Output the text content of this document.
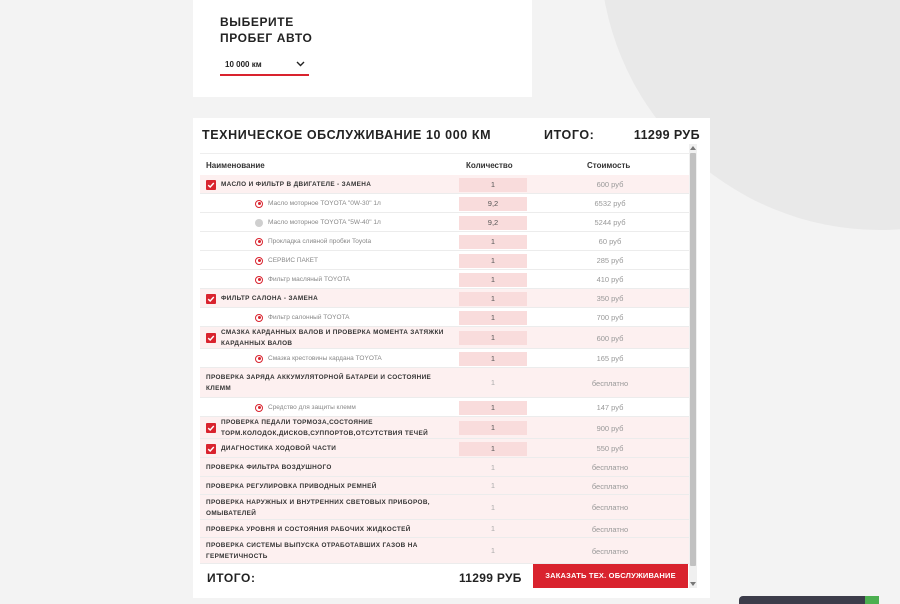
ВЫБЕРИТЕ ПРОБЕГ АВТО
10 000 км
ТЕХНИЧЕСКОЕ ОБСЛУЖИВАНИЕ 10 000 КМ	ИТОГО:	11299 РУБ
Наименование	Количество	Стоимость
МАСЛО И ФИЛЬТР В ДВИГАТЕЛЕ - ЗАМЕНА	1	600 руб
Масло моторное TOYOTA "0W-30" 1л	9,2	6532 руб
Масло моторное TOYOTA "5W-40" 1л	9,2	5244 руб
Прокладка сливной пробки Toyota	1	60 руб
СЕРВИС ПАКЕТ	1	285 руб
Фильтр масляный TOYOTA	1	410 руб
ФИЛЬТР САЛОНА - ЗАМЕНА	1	350 руб
Фильтр салонный TOYOTA	1	700 руб
СМАЗКА КАРДАННЫХ ВАЛОВ И ПРОВЕРКА МОМЕНТА ЗАТЯЖКИ КАРДАННЫХ ВАЛОВ
1	600 руб
Смазка крестовины кардана TOYOTA	1	165 руб
ПРОВЕРКА ЗАРЯДА АККУМУЛЯТОРНОЙ БАТАРЕИ И СОСТОЯНИЕ КЛЕММ
1	бесплатно
Средство для защиты клемм	1	147 руб
ПРОВЕРКА ПЕДАЛИ ТОРМОЗА,СОСТОЯНИЕ ТОРМ.КОЛОДОК,ДИСКОВ,СУППОРТОВ,ОТСУТСТВИЯ ТЕЧЕЙ
1	900 руб
ДИАГНОСТИКА ХОДОВОЙ ЧАСТИ	1	550 руб
ПРОВЕРКА ФИЛЬТРА ВОЗДУШНОГО	1	бесплатно
ПРОВЕРКА РЕГУЛИРОВКА ПРИВОДНЫХ РЕМНЕЙ	1	бесплатно
ПРОВЕРКА НАРУЖНЫХ И ВНУТРЕННИХ СВЕТОВЫХ ПРИБОРОВ, ОМЫВАТЕЛЕЙ
1	бесплатно
ПРОВЕРКА УРОВНЯ И СОСТОЯНИЯ РАБОЧИХ ЖИДКОСТЕЙ	1	бесплатно
ПРОВЕРКА СИСТЕМЫ ВЫПУСКА ОТРАБОТАВШИХ ГАЗОВ НА ГЕРМЕТИЧНОСТЬ
1	бесплатно
ИТОГО:	11299 РУБ	ЗАКАЗАТЬ ТЕХ. ОБСЛУЖИВАНИЕ
